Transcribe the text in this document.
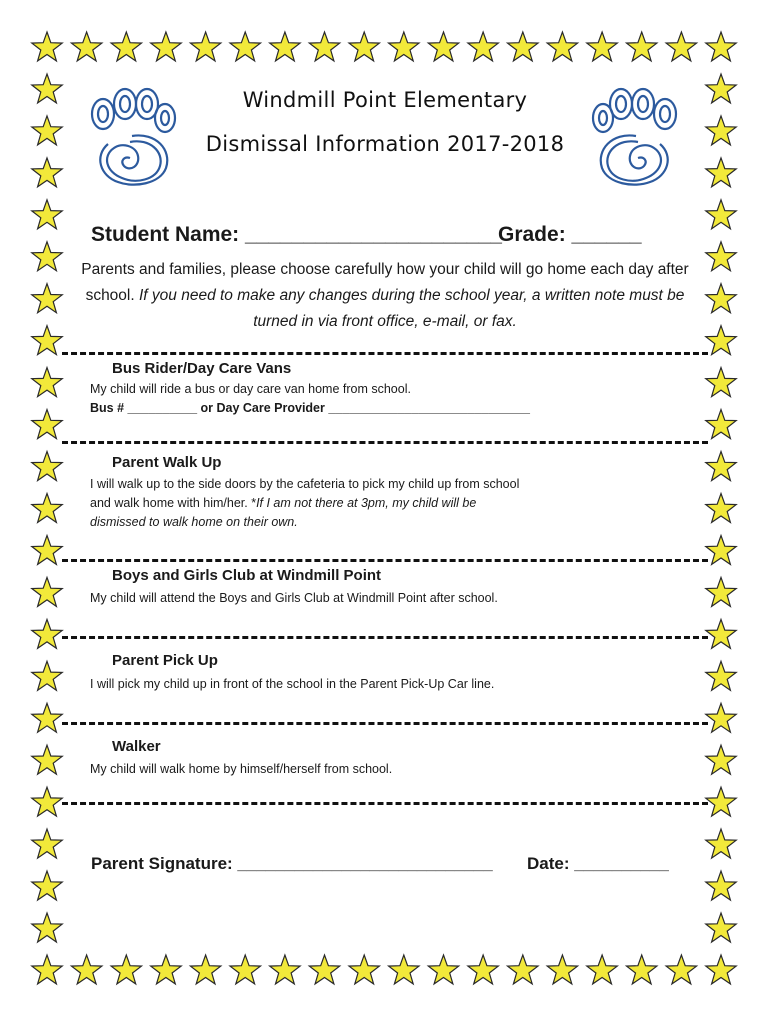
Windmill Point Elementary
Dismissal Information 2017-2018
Student Name: ______________________
Grade: ______
Parents and families, please choose carefully how your child will go home each day after school. If you need to make any changes during the school year, a written note must be turned in via front office, e-mail, or fax.
Bus Rider/Day Care Vans
My child will ride a bus or day care van home from school.
Bus # __________ or Day Care Provider _____________________________
Parent Walk Up
I will walk up to the side doors by the cafeteria to pick my child up from school
and walk home with him/her. *If I am not there at 3pm, my child will be
dismissed to walk home on their own.
Boys and Girls Club at Windmill Point
My child will attend the Boys and Girls Club at Windmill Point after school.
Parent Pick Up
I will pick my child up in front of the school in the Parent Pick-Up Car line.
Walker
My child will walk home by himself/herself from school.
Parent Signature: ___________________________ Date: __________
